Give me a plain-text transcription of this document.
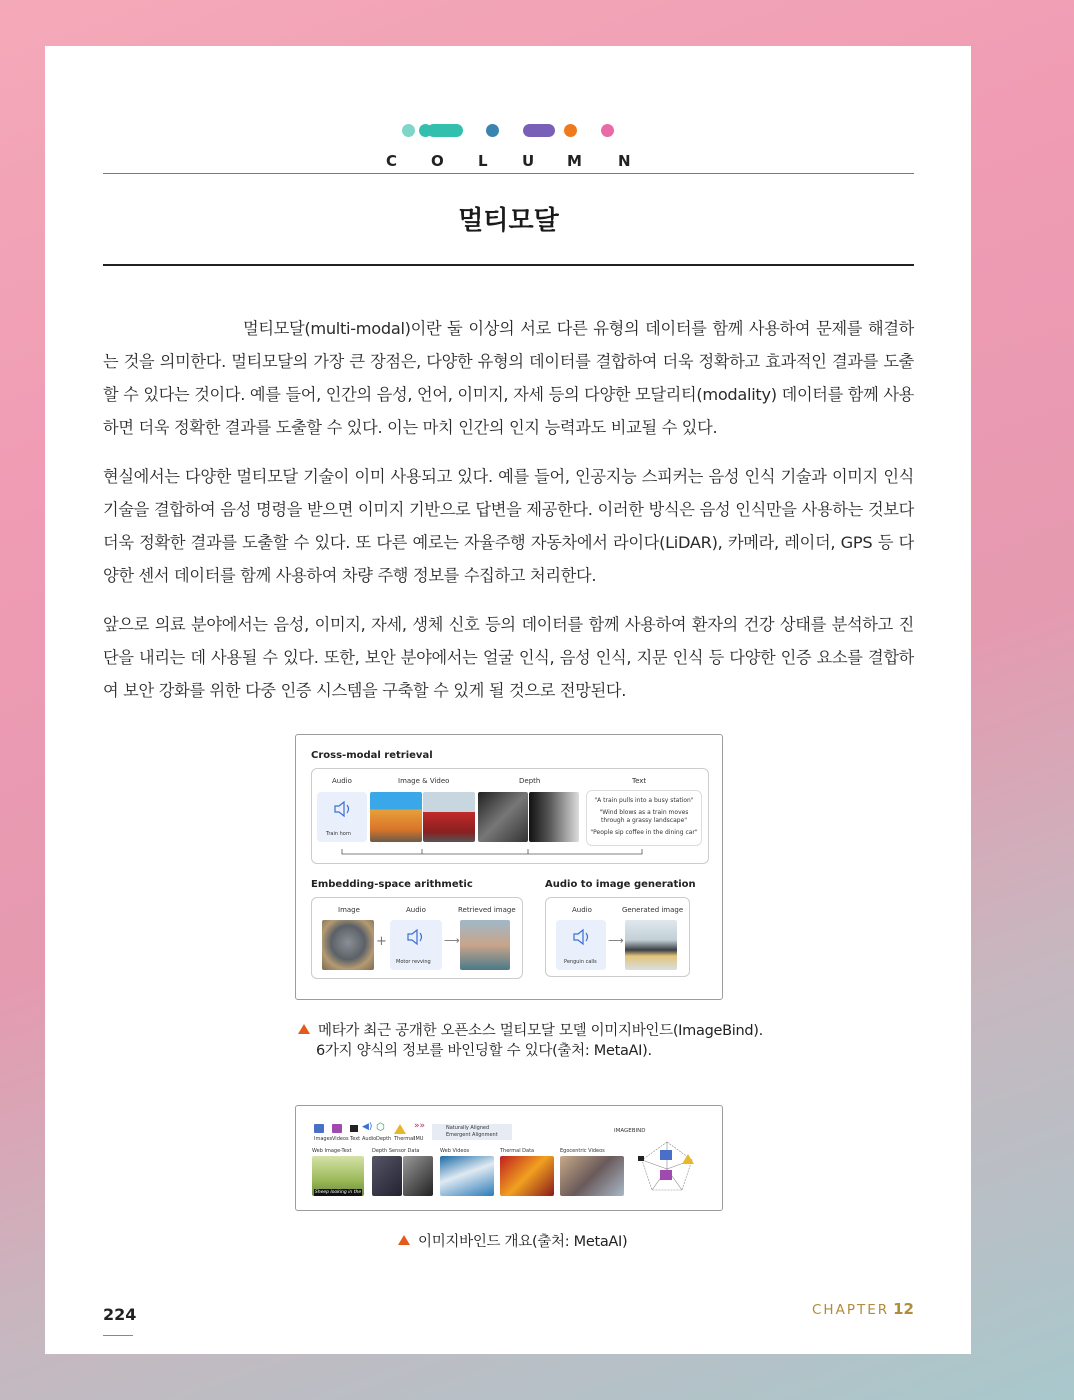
C O L U M N
멀티모달

멀티모달(multi-modal)이란 둘 이상의 서로 다른 유형의 데이터를 함께 사용하여 문제를 해결하는 것을 의미한다. 멀티모달의 가장 큰 장점은, 다양한 유형의 데이터를 결합하여 더욱 정확하고 효과적인 결과를 도출할 수 있다는 것이다. 예를 들어, 인간의 음성, 언어, 이미지, 자세 등의 다양한 모달리티(modality) 데이터를 함께 사용하면 더욱 정확한 결과를 도출할 수 있다. 이는 마치 인간의 인지 능력과도 비교될 수 있다.

현실에서는 다양한 멀티모달 기술이 이미 사용되고 있다. 예를 들어, 인공지능 스피커는 음성 인식 기술과 이미지 인식 기술을 결합하여 음성 명령을 받으면 이미지 기반으로 답변을 제공한다. 이러한 방식은 음성 인식만을 사용하는 것보다 더욱 정확한 결과를 도출할 수 있다. 또 다른 예로는 자율주행 자동차에서 라이다(LiDAR), 카메라, 레이더, GPS 등 다양한 센서 데이터를 함께 사용하여 차량 주행 정보를 수집하고 처리한다.

앞으로 의료 분야에서는 음성, 이미지, 자세, 생체 신호 등의 데이터를 함께 사용하여 환자의 건강 상태를 분석하고 진단을 내리는 데 사용될 수 있다. 또한, 보안 분야에서는 얼굴 인식, 음성 인식, 지문 인식 등 다양한 인증 요소를 결합하여 보안 강화를 위한 다중 인증 시스템을 구축할 수 있게 될 것으로 전망된다.

Cross-modal retrieval
Audio	Image & Video	Depth	Text
Train horn
"A train pulls into a busy station"
"Wind blows as a train moves through a grassy landscape"
"People sip coffee in the dining car"
Embedding-space arithmetic
Image	Audio	Retrieved image
+
Motor revving
⟶
Audio to image generation
Audio	Generated image
Penguin calls
⟶
메타가 최근 공개한 오픈소스 멀티모달 모델 이미지바인드(ImageBind).
6가지 양식의 정보를 바인딩할 수 있다(출처: MetaAI).
Images Videos Text Audio Depth Thermal IMU
◀) ⬡	»»	Naturally Aligned
Emergent Alignment
Web Image-Text	Depth Sensor Data	Web Videos	Thermal Data	Egocentric Videos
Sheep looking in the sun
IMAGEBIND
이미지바인드 개요(출처: MetaAI)
224	CHAPTER 12
